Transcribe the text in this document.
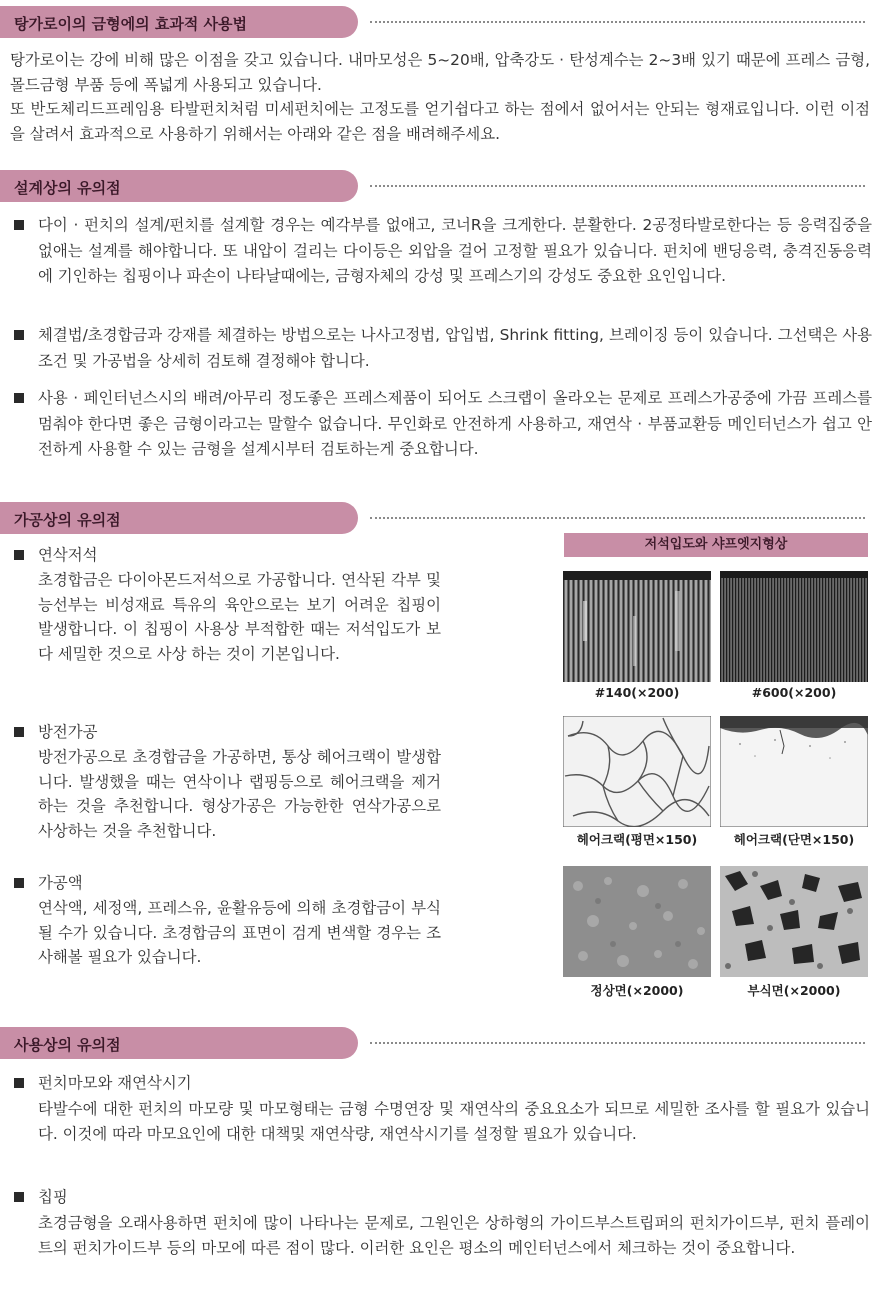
탕가로이의 금형에의 효과적 사용법

탕가로이는 강에 비해 많은 이점을 갖고 있습니다. 내마모성은 5~20배, 압축강도 · 탄성계수는 2~3배 있기 때문에 프레스 금형, 몰드금형 부품 등에 폭넓게 사용되고 있습니다.

또 반도체리드프레임용 타발펀치처럼 미세펀치에는 고정도를 얻기쉽다고 하는 점에서 없어서는 안되는 형재료입니다. 이런 이점을 살려서 효과적으로 사용하기 위해서는 아래와 같은 점을 배려해주세요.

설계상의 유의점

다이 · 펀치의 설계/펀치를 설계할 경우는 예각부를 없애고, 코너R을 크게한다. 분활한다. 2공정타발로한다는 등 응력집중을 없애는 설계를 해야합니다. 또 내압이 걸리는 다이등은 외압을 걸어 고정할 필요가 있습니다. 펀치에 밴딩응력, 충격진동응력에 기인하는 칩핑이나 파손이 나타날때에는, 금형자체의 강성 및 프레스기의 강성도 중요한 요인입니다.

체결법/초경합금과 강재를 체결하는 방법으로는 나사고정법, 압입법, Shrink fitting, 브레이징 등이 있습니다. 그선택은 사용조건 및 가공법을 상세히 검토해 결정해야 합니다.

사용 · 페인터넌스시의 배려/아무리 정도좋은 프레스제품이 되어도 스크랩이 올라오는 문제로 프레스가공중에 가끔 프레스를 멈춰야 한다면 좋은 금형이라고는 말할수 없습니다. 무인화로 안전하게 사용하고, 재연삭 · 부품교환등 메인터넌스가 쉽고 안전하게 사용할 수 있는 금형을 설계시부터 검토하는게 중요합니다.

가공상의 유의점
연삭저석

초경합금은 다이아몬드저석으로 가공합니다. 연삭된 각부 및 능선부는 비성재료 특유의 육안으로는 보기 어려운 칩핑이 발생합니다. 이 칩핑이 사용상 부적합한 때는 저석입도가 보다 세밀한 것으로 사상 하는 것이 기본입니다.

방전가공

방전가공으로 초경합금을 가공하면, 통상 헤어크랙이 발생합니다. 발생했을 때는 연삭이나 랩핑등으로 헤어크랙을 제거하는 것을 추천합니다. 형상가공은 가능한한 연삭가공으로 사상하는 것을 추천합니다.

가공액

연삭액, 세정액, 프레스유, 윤활유등에 의해 초경합금이 부식될 수가 있습니다. 초경합금의 표면이 검게 변색할 경우는 조사해볼 필요가 있습니다.

저석입도와 샤프엣지형상
#140(×200)	#600(×200)
헤어크랙(평면×150)	헤어크랙(단면×150)
정상면(×2000)	부식면(×2000)
사용상의 유의점
펀치마모와 재연삭시기

타발수에 대한 펀치의 마모량 및 마모형태는 금형 수명연장 및 재연삭의 중요요소가 되므로 세밀한 조사를 할 필요가 있습니다. 이것에 따라 마모요인에 대한 대책및 재연삭량, 재연삭시기를 설정할 필요가 있습니다.

칩핑

초경금형을 오래사용하면 펀치에 많이 나타나는 문제로, 그원인은 상하형의 가이드부스트립퍼의 펀치가이드부, 펀치 플레이트의 펀치가이드부 등의 마모에 따른 점이 많다. 이러한 요인은 평소의 메인터넌스에서 체크하는 것이 중요합니다.
